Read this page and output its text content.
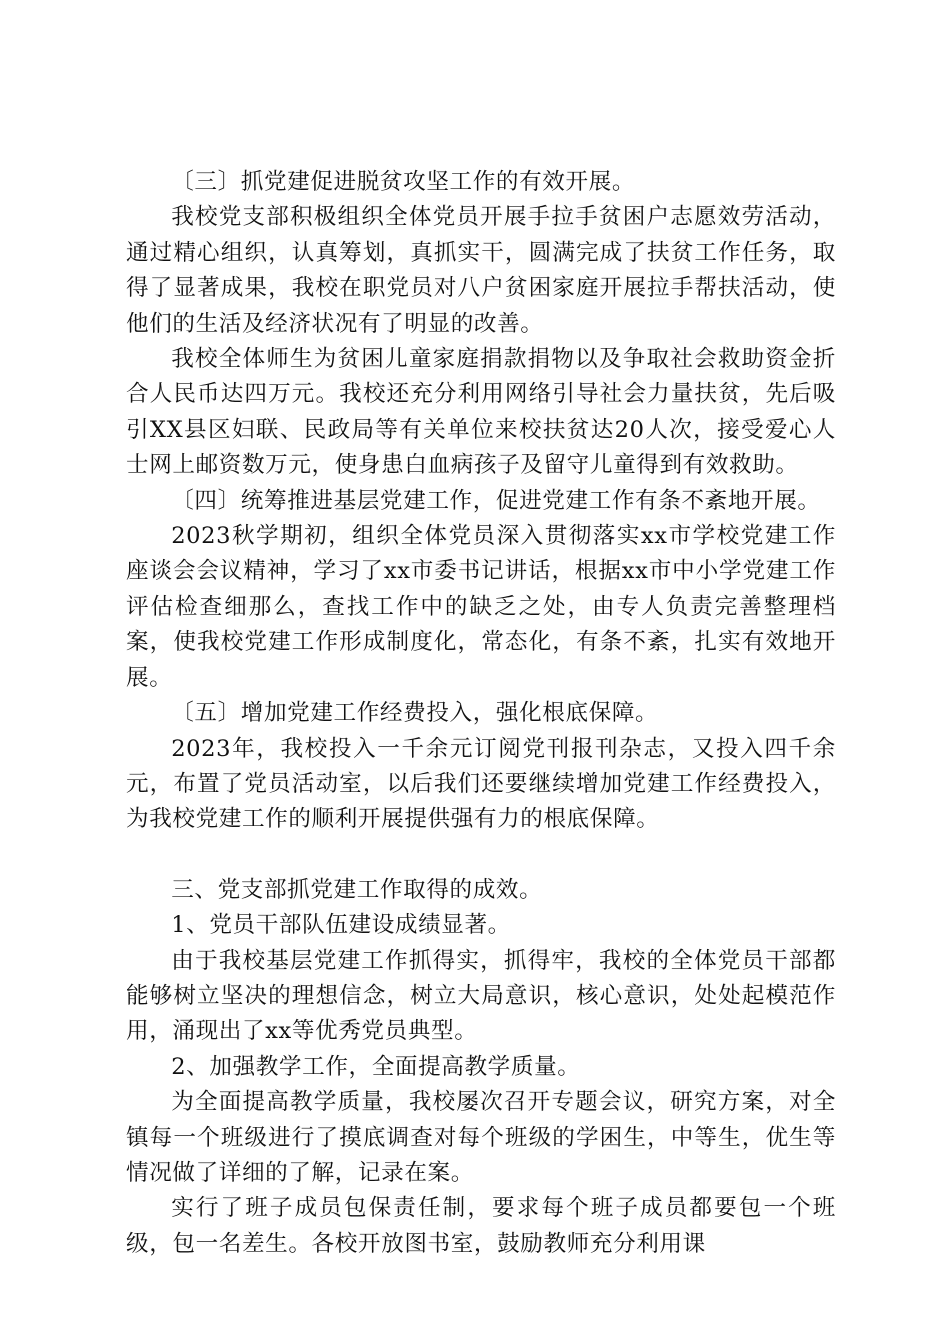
〔三〕抓党建促进脱贫攻坚工作的有效开展。

我校党支部积极组织全体党员开展手拉手贫困户志愿效劳活动，通过精心组织，认真筹划，真抓实干，圆满完成了扶贫工作任务，取得了显著成果，我校在职党员对八户贫困家庭开展拉手帮扶活动，使他们的生活及经济状况有了明显的改善。

我校全体师生为贫困儿童家庭捐款捐物以及争取社会救助资金折合人民币达四万元。我校还充分利用网络引导社会力量扶贫，先后吸引XX县区妇联、民政局等有关单位来校扶贫达20人次，接受爱心人士网上邮资数万元，使身患白血病孩子及留守儿童得到有效救助。

〔四〕统筹推进基层党建工作，促进党建工作有条不紊地开展。

2023秋学期初，组织全体党员深入贯彻落实xx市学校党建工作座谈会会议精神，学习了xx市委书记讲话，根据xx市中小学党建工作评估检查细那么，查找工作中的缺乏之处，由专人负责完善整理档案，使我校党建工作形成制度化，常态化，有条不紊，扎实有效地开展。

〔五〕增加党建工作经费投入，强化根底保障。

2023年，我校投入一千余元订阅党刊报刊杂志，又投入四千余元，布置了党员活动室，以后我们还要继续增加党建工作经费投入，为我校党建工作的顺利开展提供强有力的根底保障。

三、党支部抓党建工作取得的成效。

1、党员干部队伍建设成绩显著。

由于我校基层党建工作抓得实，抓得牢，我校的全体党员干部都能够树立坚决的理想信念，树立大局意识，核心意识，处处起模范作用，涌现出了xx等优秀党员典型。

2、加强教学工作，全面提高教学质量。

为全面提高教学质量，我校屡次召开专题会议，研究方案，对全镇每一个班级进行了摸底调查对每个班级的学困生，中等生，优生等情况做了详细的了解，记录在案。

实行了班子成员包保责任制，要求每个班子成员都要包一个班级，包一名差生。各校开放图书室，鼓励教师充分利用课
